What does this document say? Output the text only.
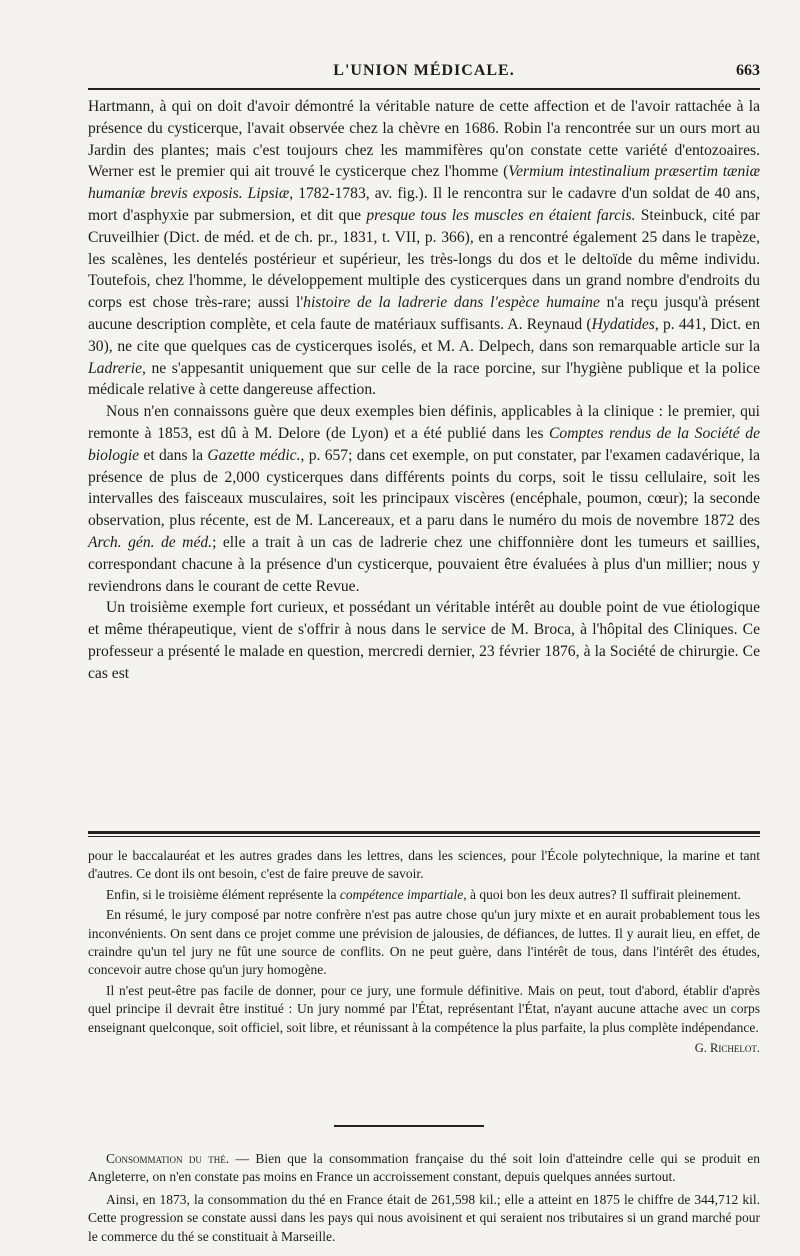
L'UNION MÉDICALE.	663

Hartmann, à qui on doit d'avoir démontré la véritable nature de cette affection et de l'avoir rattachée à la présence du cysticerque, l'avait observée chez la chèvre en 1686. Robin l'a rencontrée sur un ours mort au Jardin des plantes; mais c'est toujours chez les mammifères qu'on constate cette variété d'entozoaires. Werner est le premier qui ait trouvé le cysticerque chez l'homme (Vermium intestinalium præsertim tæniæ humaniæ brevis exposis. Lipsiæ, 1782-1783, av. fig.). Il le rencontra sur le cadavre d'un soldat de 40 ans, mort d'asphyxie par submersion, et dit que presque tous les muscles en étaient farcis. Steinbuck, cité par Cruveilhier (Dict. de méd. et de ch. pr., 1831, t. VII, p. 366), en a rencontré également 25 dans le trapèze, les scalènes, les dentelés postérieur et supérieur, les très-longs du dos et le deltoïde du même individu. Toutefois, chez l'homme, le développement multiple des cysticerques dans un grand nombre d'endroits du corps est chose très-rare; aussi l'histoire de la ladrerie dans l'espèce humaine n'a reçu jusqu'à présent aucune description complète, et cela faute de matériaux suffisants. A. Reynaud (Hydatides, p. 441, Dict. en 30), ne cite que quelques cas de cysticerques isolés, et M. A. Delpech, dans son remarquable article sur la Ladrerie, ne s'appesantit uniquement que sur celle de la race porcine, sur l'hygiène publique et la police médicale relative à cette dangereuse affection.

Nous n'en connaissons guère que deux exemples bien définis, applicables à la clinique : le premier, qui remonte à 1853, est dû à M. Delore (de Lyon) et a été publié dans les Comptes rendus de la Société de biologie et dans la Gazette médic., p. 657; dans cet exemple, on put constater, par l'examen cadavérique, la présence de plus de 2,000 cysticerques dans différents points du corps, soit le tissu cellulaire, soit les intervalles des faisceaux musculaires, soit les principaux viscères (encéphale, poumon, cœur); la seconde observation, plus récente, est de M. Lancereaux, et a paru dans le numéro du mois de novembre 1872 des Arch. gén. de méd.; elle a trait à un cas de ladrerie chez une chiffonnière dont les tumeurs et saillies, correspondant chacune à la présence d'un cysticerque, pouvaient être évaluées à plus d'un millier; nous y reviendrons dans le courant de cette Revue.

Un troisième exemple fort curieux, et possédant un véritable intérêt au double point de vue étiologique et même thérapeutique, vient de s'offrir à nous dans le service de M. Broca, à l'hôpital des Cliniques. Ce professeur a présenté le malade en question, mercredi dernier, 23 février 1876, à la Société de chirurgie. Ce cas est

pour le baccalauréat et les autres grades dans les lettres, dans les sciences, pour l'École polytechnique, la marine et tant d'autres. Ce dont ils ont besoin, c'est de faire preuve de savoir.

Enfin, si le troisième élément représente la compétence impartiale, à quoi bon les deux autres? Il suffirait pleinement.

En résumé, le jury composé par notre confrère n'est pas autre chose qu'un jury mixte et en aurait probablement tous les inconvénients. On sent dans ce projet comme une prévision de jalousies, de défiances, de luttes. Il y aurait lieu, en effet, de craindre qu'un tel jury ne fût une source de conflits. On ne peut guère, dans l'intérêt de tous, dans l'intérêt des études, concevoir autre chose qu'un jury homogène.

Il n'est peut-être pas facile de donner, pour ce jury, une formule définitive. Mais on peut, tout d'abord, établir d'après quel principe il devrait être institué : Un jury nommé par l'État, représentant l'État, n'ayant aucune attache avec un corps enseignant quelconque, soit officiel, soit libre, et réunissant à la compétence la plus parfaite, la plus complète indépendance.

G. Richelot.

Consommation du thé. — Bien que la consommation française du thé soit loin d'atteindre celle qui se produit en Angleterre, on n'en constate pas moins en France un accroissement constant, depuis quelques années surtout.

Ainsi, en 1873, la consommation du thé en France était de 261,598 kil.; elle a atteint en 1875 le chiffre de 344,712 kil. Cette progression se constate aussi dans les pays qui nous avoisinent et qui seraient nos tributaires si un grand marché pour le commerce du thé se constituait à Marseille.
